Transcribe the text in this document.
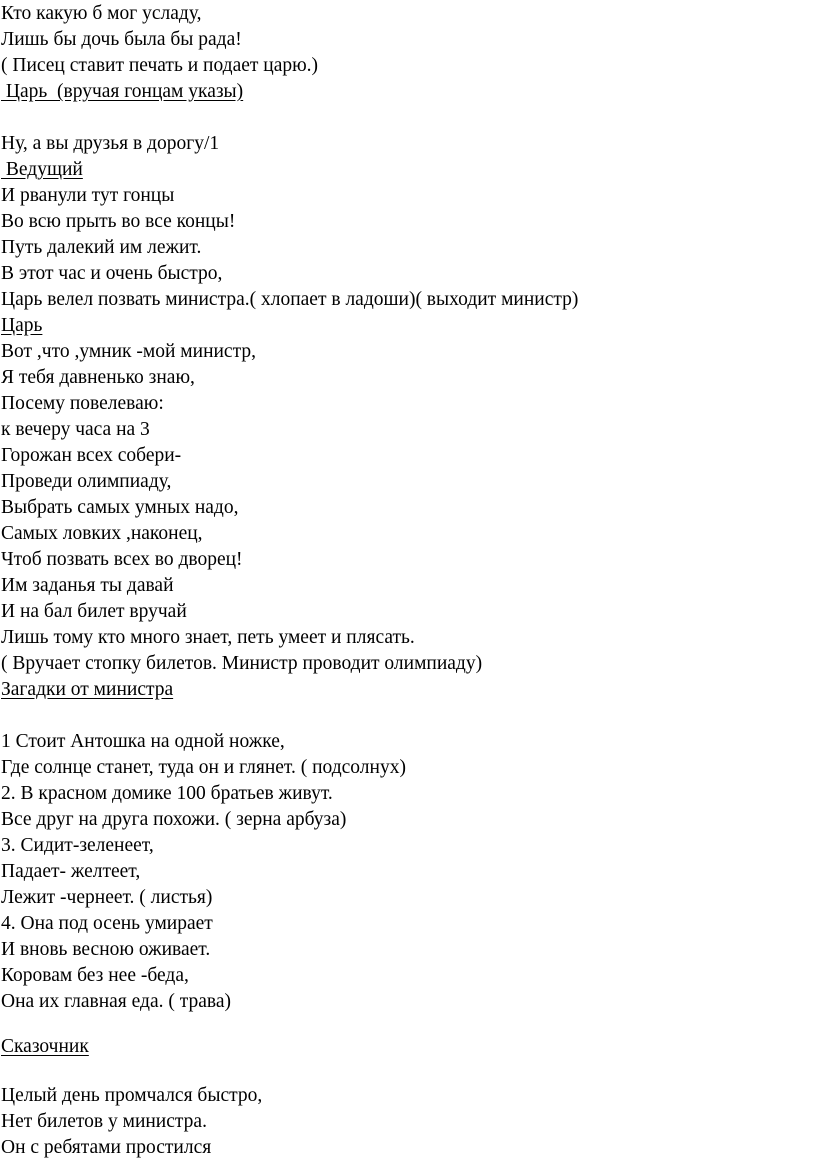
Кто какую б мог усладу,
Лишь бы дочь была бы рада!
( Писец ставит печать и подает царю.)
Царь  (вручая гонцам указы)
Ну, а вы друзья в дорогу/1
Ведущий
И рванули тут гонцы
Во всю прыть во все концы!
Путь далекий им лежит.
В этот час и очень быстро,
Царь велел позвать министра.( хлопает в ладоши)( выходит министр)
Царь
Вот ,что ,умник -мой министр,
Я тебя давненько знаю,
Посему повелеваю:
к вечеру часа на 3
Горожан всех собери-
Проведи олимпиаду,
Выбрать самых умных надо,
Самых ловких ,наконец,
Чтоб позвать всех во дворец!
Им заданья ты давай
И на бал билет вручай
Лишь тому кто много знает, петь умеет и плясать.
( Вручает стопку билетов. Министр проводит олимпиаду)
Загадки от министра
1 Стоит Антошка на одной ножке,
Где солнце станет, туда он и глянет. ( подсолнух)
2. В красном домике 100 братьев живут.
Все друг на друга похожи. ( зерна арбуза)
3. Сидит-зеленеет,
Падает- желтеет,
Лежит -чернеет. ( листья)
4. Она под осень умирает
И вновь весною оживает.
Коровам без нее -беда,
Она их главная еда. ( трава)
Сказочник
Целый день промчался быстро,
Нет билетов у министра.
Он с ребятами простился
